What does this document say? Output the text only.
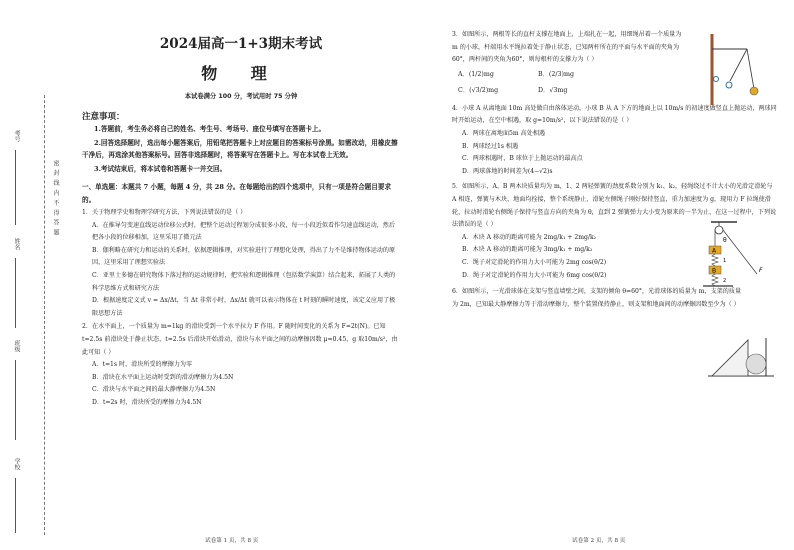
考号
姓名
班级
学校
密 封 线 内 不 得 答 题
2024届高一1+3期末考试
物 理
本试卷满分 100 分，考试用时 75 分钟
注意事项：
1.答题前，考生务必将自己的姓名、考生号、考场号、座位号填写在答题卡上。
2.回答选择题时，选出每小题答案后，用铅笔把答题卡上对应题目的答案标号涂黑。如需改动，用橡皮擦干净后，再选涂其他答案标号。回答非选择题时，将答案写在答题卡上。写在本试卷上无效。
3.考试结束后，将本试卷和答题卡一并交回。
一、单选题：本题共 7 小题，每题 4 分，共 28 分。在每题给出的四个选项中，只有一项是符合题目要求的。
1．关于物理学史和物理学研究方法，下列说法错误的是（ ）
A．在推导匀变速直线运动位移公式时，把整个运动过程划分成很多小段，每一小段近似看作匀速直线运动，然后把各小段的位移相加，这里采用了微元法
B．伽利略在研究力和运动的关系时，依据逻辑推理，对实验进行了理想化处理，得出了力不是维持物体运动的原因，这里采用了理想实验法
C．亚里士多德在研究物体下落过程的运动规律时，把实验和逻辑推理（包括数学演算）结合起来，拓展了人类的科学思维方式和研究方法
D．根据速度定义式 v = Δx/Δt，当 Δt 非常小时，Δx/Δt 就可以表示物体在 t 时刻的瞬时速度，该定义应用了极限思想方法
2．在水平面上，一个质量为 m=1kg 的滑块受到一个水平拉力 F 作用。F 随时间变化的关系为 F=2t(N)。已知 t=2.5s 前滑块处于静止状态，t=2.5s 后滑块开始滑动，滑块与水平面之间的动摩擦因数 μ=0.45，g 取10m/s²，由此可知（ ）
A．t=1s 时，滑块所受的摩擦力为零
B．滑块在水平面上运动时受到的滑动摩擦力为4.5N
C．滑块与水平面之间的最大静摩擦力为4.5N
D．t=2s 时，滑块所受的摩擦力为4.5N
试卷第 1 页，共 8 页
3．如图所示，两根等长的直杆支撑在地面上，上端扎在一起，用细绳吊着一个质量为 m 的小球，杆端用水平绳拉着处于静止状态，已知两杆所在的平面与水平面的夹角为60°，两杆间的夹角为60°，则每根杆的支撑力为（ ）
A．(1/2)mg	B．(2/3)mg
C．(√3/2)mg	D．√3mg
4．小球 A 从离地面 10m 高处做自由落体运动，小球 B 从 A 下方的地面上以 10m/s 的初速度做竖直上抛运动，两球同时开始运动，在空中相遇，取 g=10m/s²，以下说法错误的是（ ）
A．两球在离地面5m 高处相遇
B．两球经过1s 相遇
C．两球相遇时，B 球位于上抛运动的最高点
D．两球落地的时间差为(4−√2)s
5．如图所示，A、B 两木块质量均为 m，1、2 两轻弹簧的劲度系数分别为 k₁、k₂，轻绳绕过不计大小的光滑定滑轮与 A 相连，弹簧与木块、地面均拴接，整个系统静止，滑轮左侧绳子刚好保持竖直，重力加速度为 g，现用力 F 拉绳使滑轮，拉动时滑轮右侧绳子保持与竖直方向的夹角为 θ，直到 2 弹簧弹力大小变为原来的一半为止，在这一过程中，下列说法错误的是（ ）
A．木块 A 移动的距离可能为 2mg/k₁ + 2mg/k₂
B．木块 A 移动的距离可能为 3mg/k₁ + mg/k₂
C．绳子对定滑轮的作用力大小可能为 2mg cos(θ/2)
D．绳子对定滑轮的作用力大小可能为 6mg cos(θ/2)
θ
A
1
B
2
F
6．如图所示，一光滑球体在支架与竖直墙壁之间，支架的倾角 θ=60°，光滑球体的质量为 m，支架的质量为 2m，已知最大静摩擦力等于滑动摩擦力，整个装置保持静止，则支架和地面间的动摩擦因数至少为（ ）
试卷第 2 页，共 8 页
